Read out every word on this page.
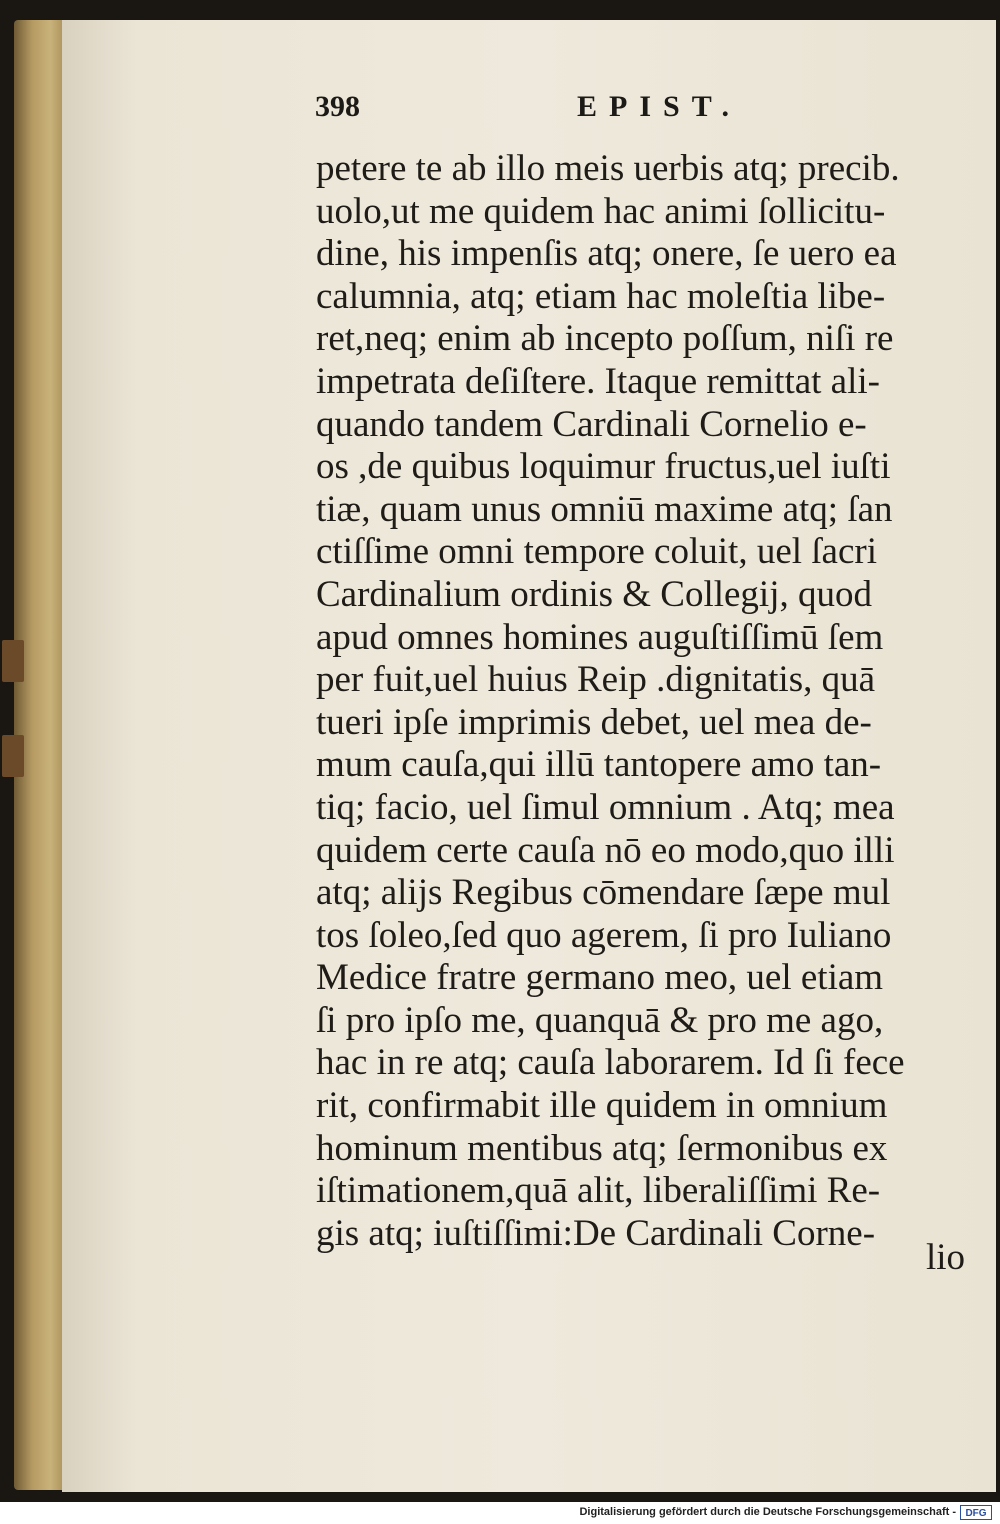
398	EPIST.
petere te ab illo meis uerbis atq; precib.
uolo,ut me quidem hac animi ſollicitu-
dine, his impenſis atq; onere, ſe uero ea
calumnia, atq; etiam hac moleſtia libe-
ret,neq; enim ab incepto poſſum, niſi re
impetrata deſiſtere. Itaque remittat ali-
quando tandem Cardinali Cornelio e-
os ,de quibus loquimur fructus,uel iuſti
tiæ, quam unus omniū maxime atq; ſan
ctiſſime omni tempore coluit, uel ſacri
Cardinalium ordinis & Collegij, quod
apud omnes homines auguſtiſſimū ſem
per fuit,uel huius Reip .dignitatis, quā
tueri ipſe imprimis debet, uel mea de-
mum cauſa,qui illū tantopere amo tan-
tiq; facio, uel ſimul omnium . Atq; mea
quidem certe cauſa nō eo modo,quo illi
atq; alijs Regibus cōmendare ſæpe mul
tos ſoleo,ſed quo agerem, ſi pro Iuliano
Medice fratre germano meo, uel etiam
ſi pro ipſo me, quanquā & pro me ago,
hac in re atq; cauſa laborarem. Id ſi fece
rit, confirmabit ille quidem in omnium
hominum mentibus atq; ſermonibus ex
iſtimationem,quā alit, liberaliſſimi Re-
gis atq; iuſtiſſimi:De Cardinali Corne-
lio
Digitalisierung gefördert durch die Deutsche Forschungsgemeinschaft - DFG
